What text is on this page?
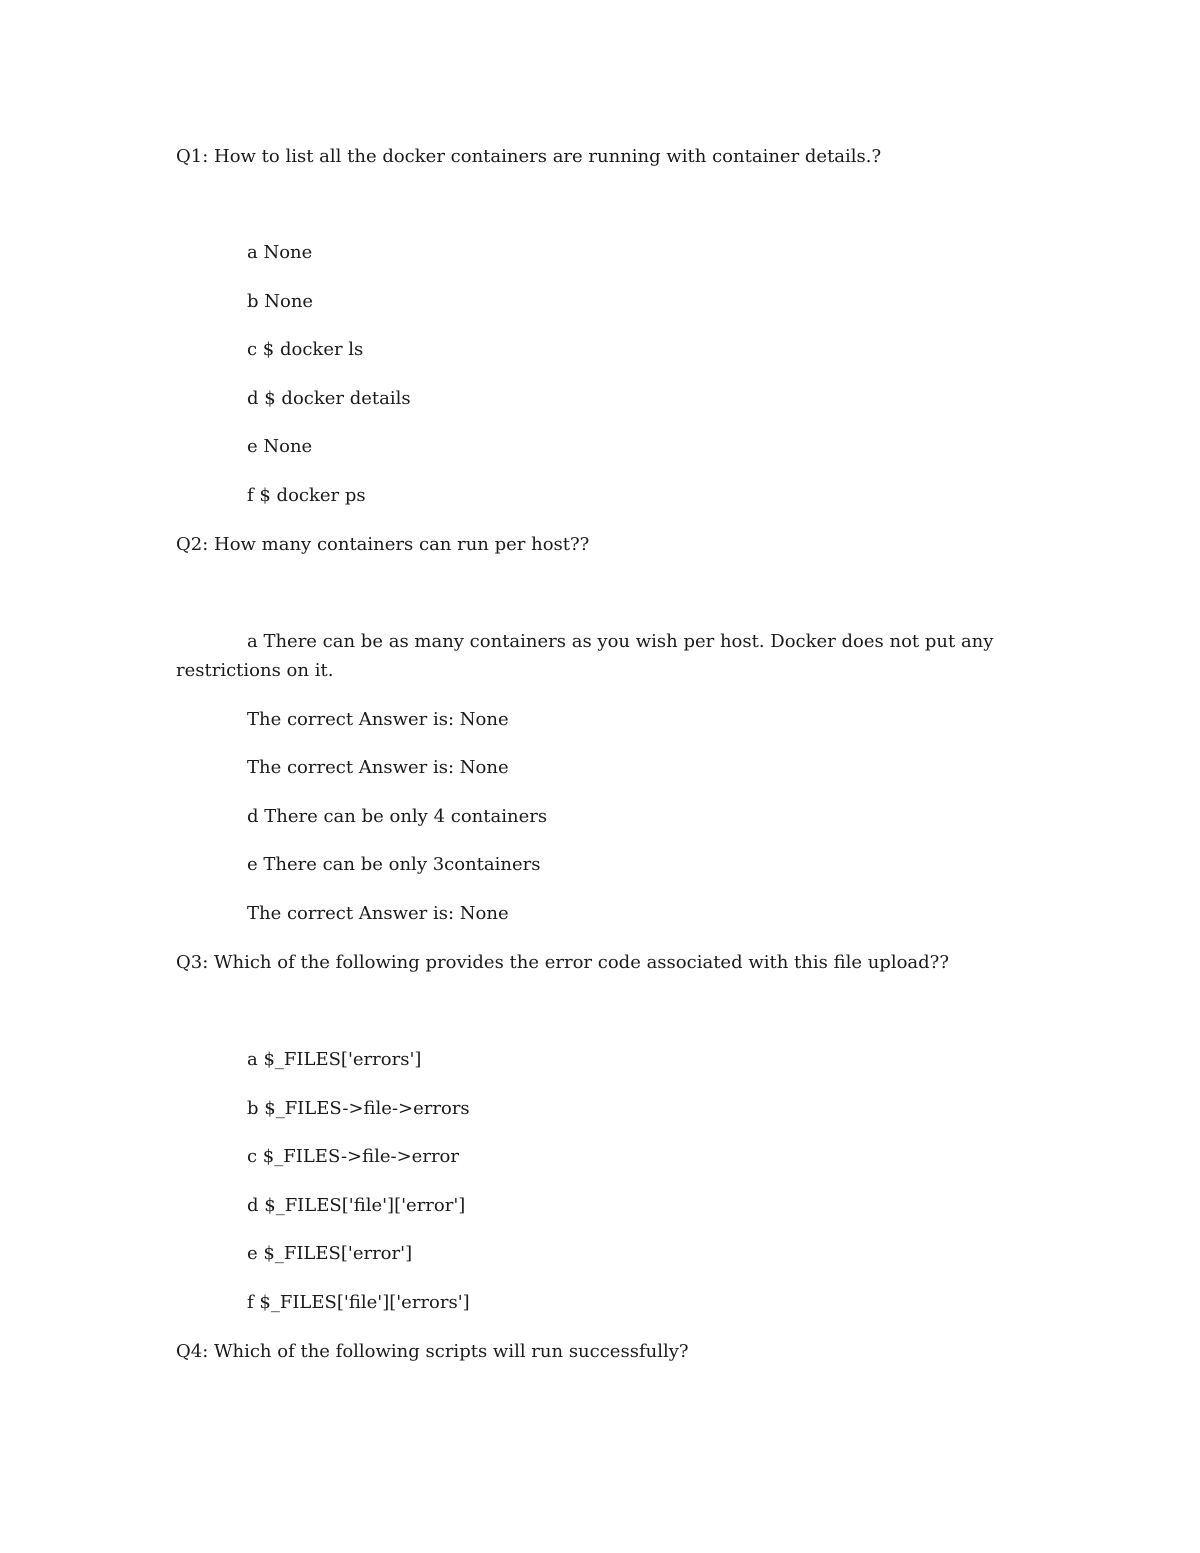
Q1: How to list all the docker containers are running with container details.?
a None
b None
c $ docker ls
d $ docker details
e None
f $ docker ps
Q2: How many containers can run per host??
a There can be as many containers as you wish per host. Docker does not put any restrictions on it.
The correct Answer is: None
The correct Answer is: None
d There can be only 4 containers
e There can be only 3containers
The correct Answer is: None
Q3: Which of the following provides the error code associated with this file upload??
a $_FILES['errors']
b $_FILES->file->errors
c $_FILES->file->error
d $_FILES['file']['error']
e $_FILES['error']
f $_FILES['file']['errors']
Q4: Which of the following scripts will run successfully?
